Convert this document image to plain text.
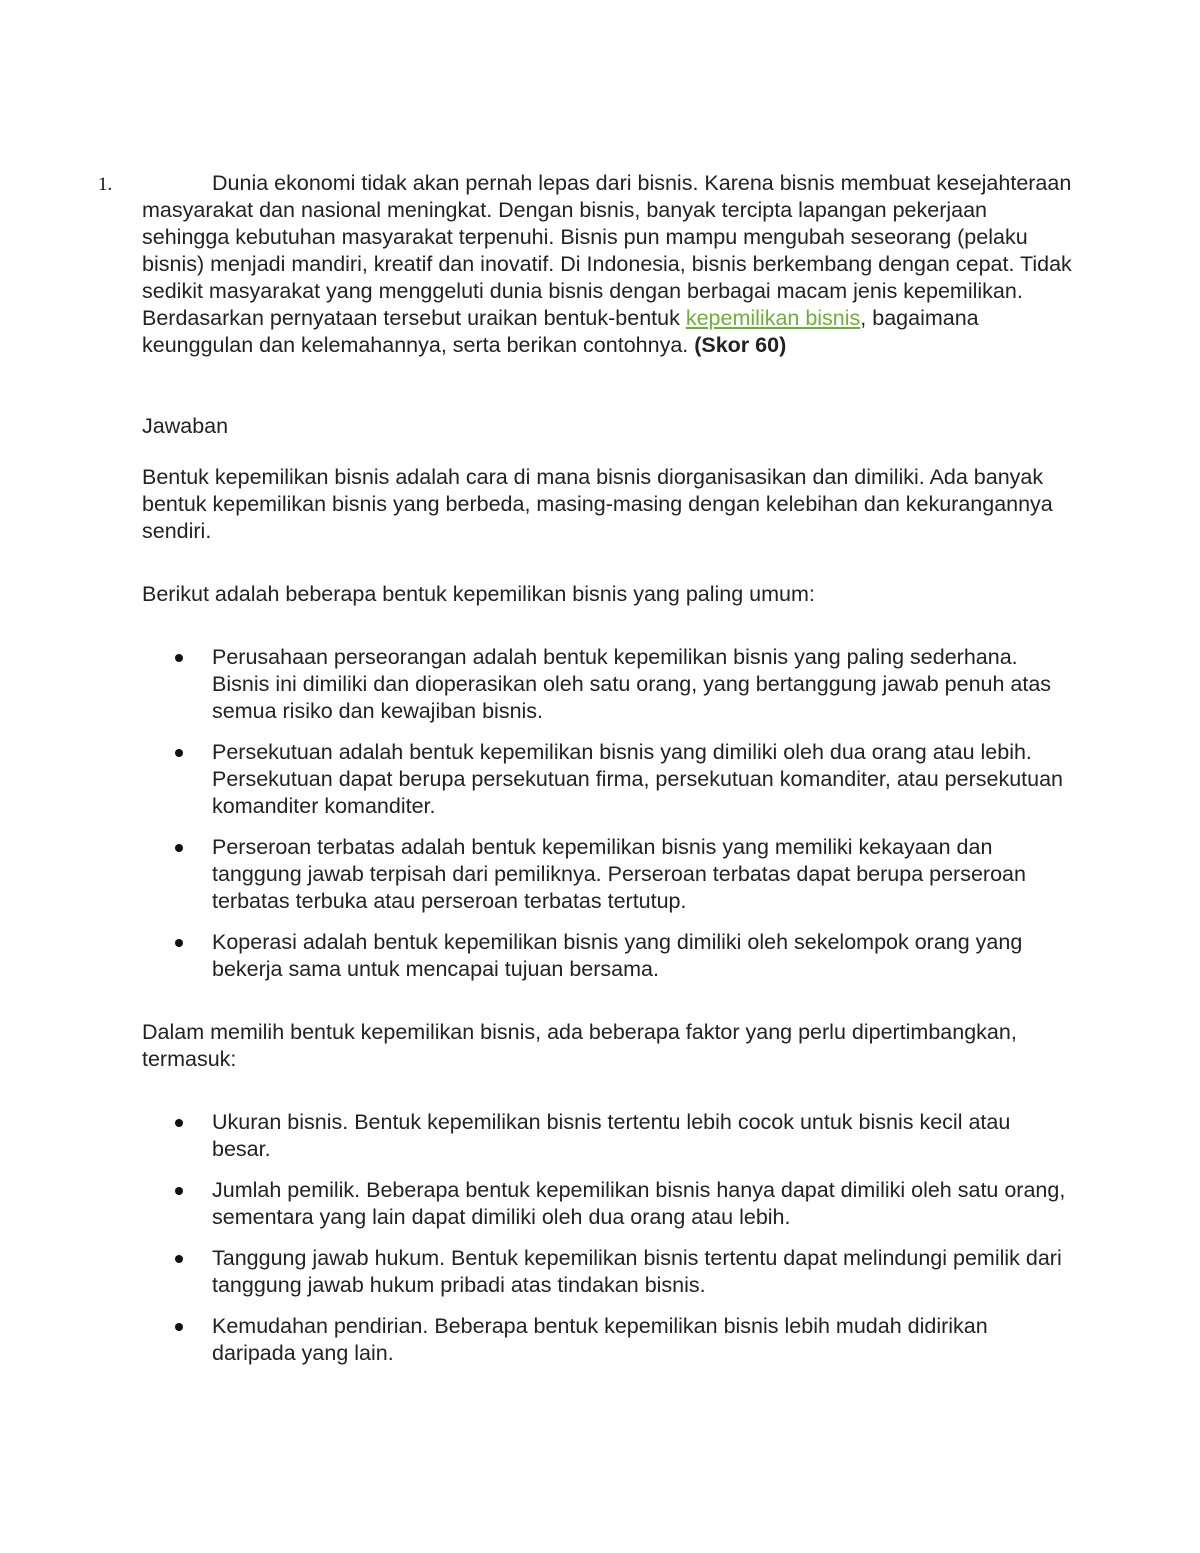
1.	Dunia ekonomi tidak akan pernah lepas dari bisnis. Karena bisnis membuat kesejahteraan masyarakat dan nasional meningkat. Dengan bisnis, banyak tercipta lapangan pekerjaan sehingga kebutuhan masyarakat terpenuhi. Bisnis pun mampu mengubah seseorang (pelaku bisnis) menjadi mandiri, kreatif dan inovatif. Di Indonesia, bisnis berkembang dengan cepat. Tidak sedikit masyarakat yang menggeluti dunia bisnis dengan berbagai macam jenis kepemilikan. Berdasarkan pernyataan tersebut uraikan bentuk-bentuk kepemilikan bisnis, bagaimana keunggulan dan kelemahannya, serta berikan contohnya. (Skor 60)

Jawaban

Bentuk kepemilikan bisnis adalah cara di mana bisnis diorganisasikan dan dimiliki. Ada banyak bentuk kepemilikan bisnis yang berbeda, masing-masing dengan kelebihan dan kekurangannya sendiri.

Berikut adalah beberapa bentuk kepemilikan bisnis yang paling umum:

Perusahaan perseorangan adalah bentuk kepemilikan bisnis yang paling sederhana. Bisnis ini dimiliki dan dioperasikan oleh satu orang, yang bertanggung jawab penuh atas semua risiko dan kewajiban bisnis.
Persekutuan adalah bentuk kepemilikan bisnis yang dimiliki oleh dua orang atau lebih. Persekutuan dapat berupa persekutuan firma, persekutuan komanditer, atau persekutuan komanditer komanditer.
Perseroan terbatas adalah bentuk kepemilikan bisnis yang memiliki kekayaan dan tanggung jawab terpisah dari pemiliknya. Perseroan terbatas dapat berupa perseroan terbatas terbuka atau perseroan terbatas tertutup.
Koperasi adalah bentuk kepemilikan bisnis yang dimiliki oleh sekelompok orang yang bekerja sama untuk mencapai tujuan bersama.

Dalam memilih bentuk kepemilikan bisnis, ada beberapa faktor yang perlu dipertimbangkan, termasuk:

Ukuran bisnis. Bentuk kepemilikan bisnis tertentu lebih cocok untuk bisnis kecil atau besar.
Jumlah pemilik. Beberapa bentuk kepemilikan bisnis hanya dapat dimiliki oleh satu orang, sementara yang lain dapat dimiliki oleh dua orang atau lebih.
Tanggung jawab hukum. Bentuk kepemilikan bisnis tertentu dapat melindungi pemilik dari tanggung jawab hukum pribadi atas tindakan bisnis.
Kemudahan pendirian. Beberapa bentuk kepemilikan bisnis lebih mudah didirikan daripada yang lain.
